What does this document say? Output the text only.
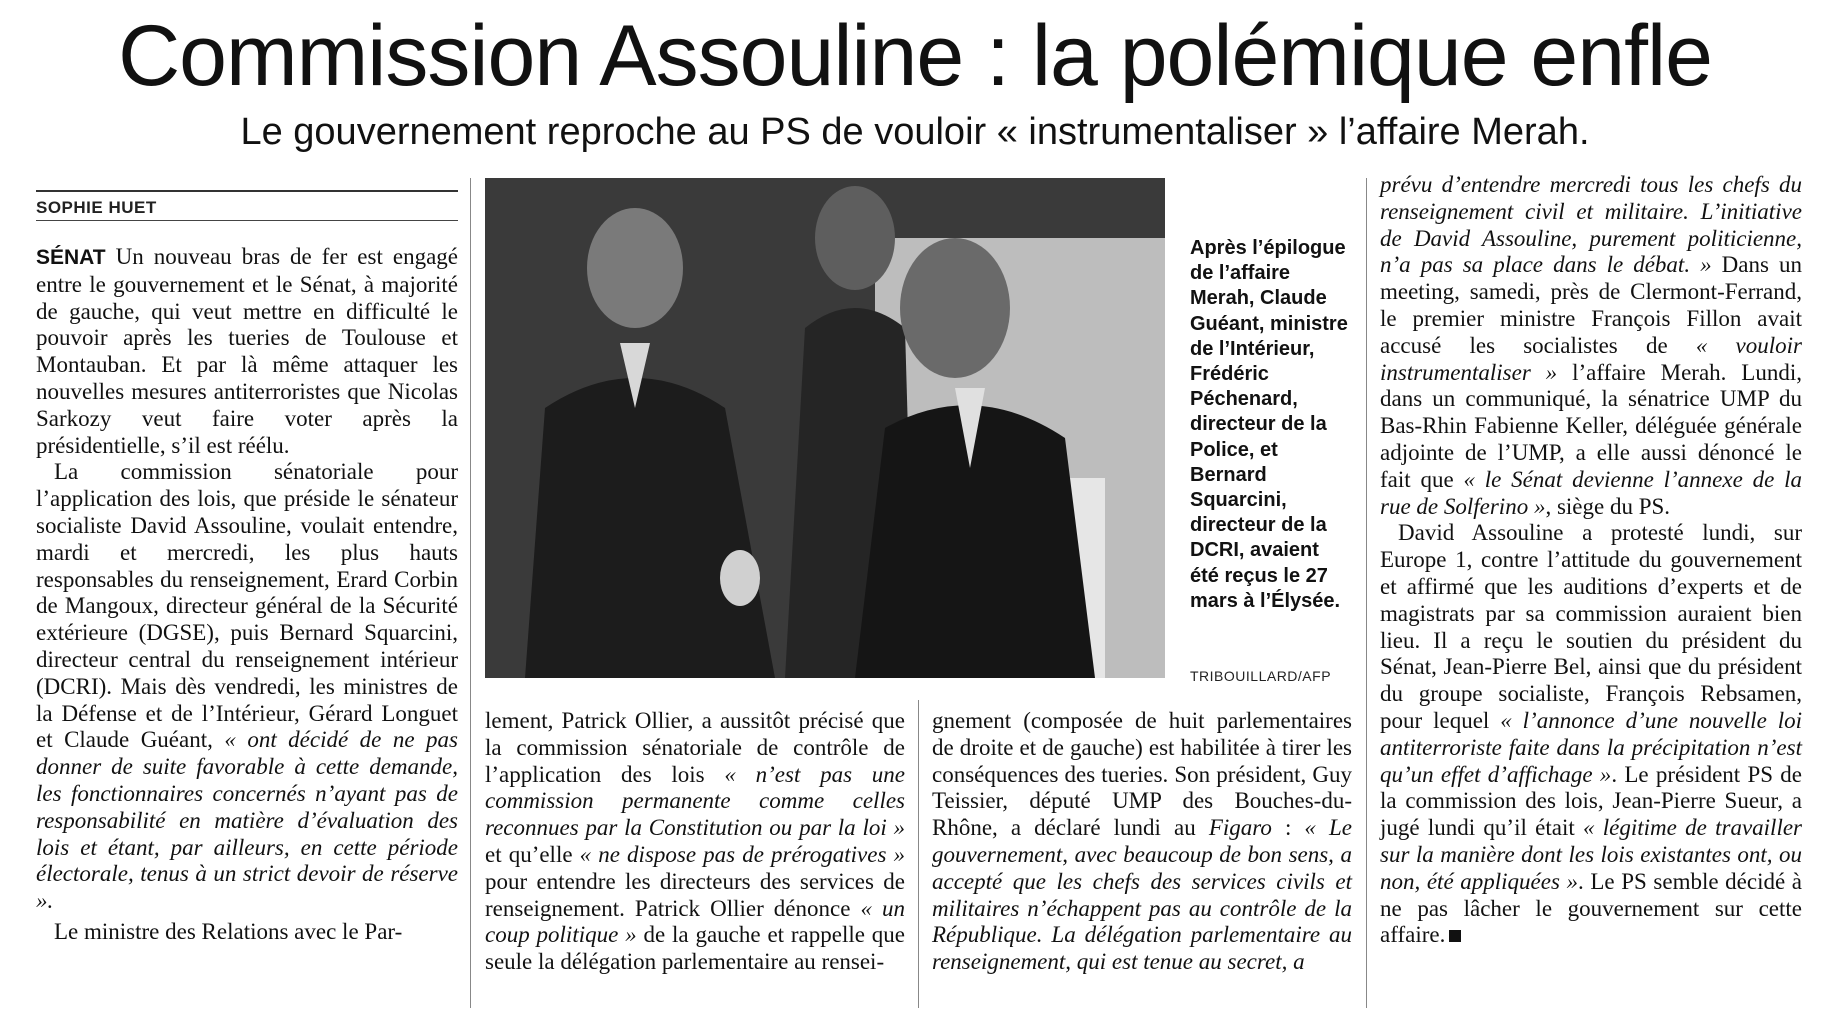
Commission Assouline : la polémique enfle
Le gouvernement reproche au PS de vouloir « instrumentaliser » l’affaire Merah.
SOPHIE HUET

SÉNAT Un nouveau bras de fer est engagé entre le gouvernement et le Sénat, à majorité de gauche, qui veut mettre en difficulté le pouvoir après les tueries de Toulouse et Montauban. Et par là même attaquer les nouvelles mesures antiterroristes que Nicolas Sarkozy veut faire voter après la présidentielle, s’il est réélu.

La commission sénatoriale pour l’application des lois, que préside le sénateur socialiste David Assouline, voulait entendre, mardi et mercredi, les plus hauts responsables du renseignement, Erard Corbin de Mangoux, directeur général de la Sécurité extérieure (DGSE), puis Bernard Squarcini, directeur central du renseignement intérieur (DCRI). Mais dès vendredi, les ministres de la Défense et de l’Intérieur, Gérard Longuet et Claude Guéant, « ont décidé de ne pas donner de suite favorable à cette demande, les fonctionnaires concernés n’ayant pas de responsabilité en matière d’évaluation des lois et étant, par ailleurs, en cette période électorale, tenus à un strict devoir de réserve ».

Le ministre des Relations avec le Par-

Après l’épilogue de l’affaire Merah, Claude Guéant, ministre de l’Intérieur, Frédéric Péchenard, directeur de la Police, et Bernard Squarcini, directeur de la DCRI, avaient été reçus le 27 mars à l’Élysée.
TRIBOUILLARD/AFP

lement, Patrick Ollier, a aussitôt précisé que la commission sénatoriale de contrôle de l’application des lois « n’est pas une commission permanente comme celles reconnues par la Constitution ou par la loi » et qu’elle « ne dispose pas de prérogatives » pour entendre les directeurs des services de renseignement. Patrick Ollier dénonce « un coup politique » de la gauche et rappelle que seule la délégation parlementaire au rensei-

gnement (composée de huit parlementaires de droite et de gauche) est habilitée à tirer les conséquences des tueries. Son président, Guy Teissier, député UMP des Bouches-du-Rhône, a déclaré lundi au Figaro : « Le gouvernement, avec beaucoup de bon sens, a accepté que les chefs des services civils et militaires n’échappent pas au contrôle de la République. La délégation parlementaire au renseignement, qui est tenue au secret, a

prévu d’entendre mercredi tous les chefs du renseignement civil et militaire. L’initiative de David Assouline, purement politicienne, n’a pas sa place dans le débat. » Dans un meeting, samedi, près de Clermont-Ferrand, le premier ministre François Fillon avait accusé les socialistes de « vouloir instrumentaliser » l’affaire Merah. Lundi, dans un communiqué, la sénatrice UMP du Bas-Rhin Fabienne Keller, déléguée générale adjointe de l’UMP, a elle aussi dénoncé le fait que « le Sénat devienne l’annexe de la rue de Solferino », siège du PS.

David Assouline a protesté lundi, sur Europe 1, contre l’attitude du gouvernement et affirmé que les auditions d’experts et de magistrats par sa commission auraient bien lieu. Il a reçu le soutien du président du Sénat, Jean-Pierre Bel, ainsi que du président du groupe socialiste, François Rebsamen, pour lequel « l’annonce d’une nouvelle loi antiterroriste faite dans la précipitation n’est qu’un effet d’affichage ». Le président PS de la commission des lois, Jean-Pierre Sueur, a jugé lundi qu’il était « légitime de travailler sur la manière dont les lois existantes ont, ou non, été appliquées ». Le PS semble décidé à ne pas lâcher le gouvernement sur cette affaire.
